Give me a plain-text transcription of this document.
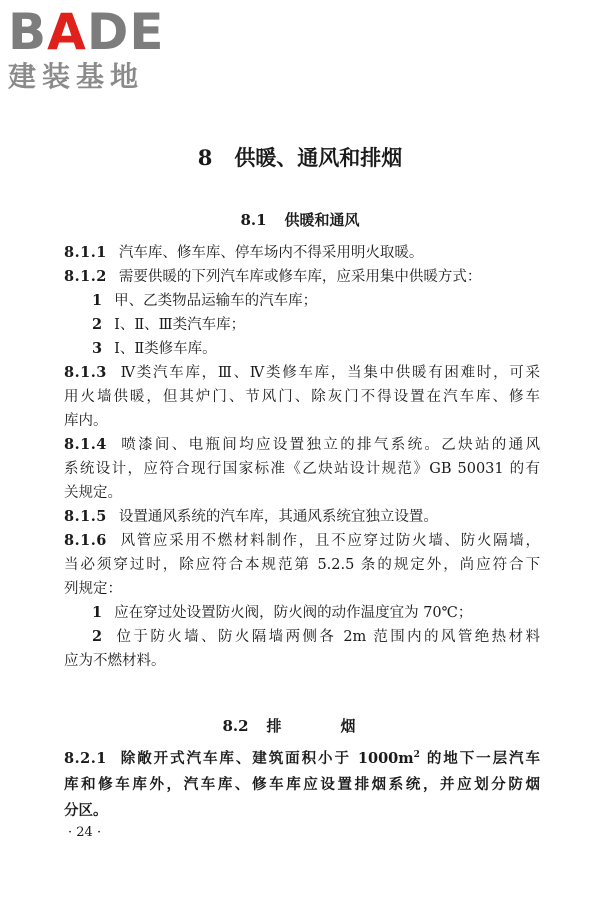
BADE
建装基地
8 供暖、通风和排烟
8.1 供暖和通风
8.1.1 汽车库、修车库、停车场内不得采用明火取暖。
8.1.2 需要供暖的下列汽车库或修车库，应采用集中供暖方式：
1 甲、乙类物品运输车的汽车库；
2 Ⅰ、Ⅱ、Ⅲ类汽车库；
3 Ⅰ、Ⅱ类修车库。
8.1.3 Ⅳ类汽车库，Ⅲ、Ⅳ类修车库，当集中供暖有困难时，可采
用火墙供暖，但其炉门、节风门、除灰门不得设置在汽车库、修车
库内。
8.1.4 喷漆间、电瓶间均应设置独立的排气系统。乙炔站的通风
系统设计，应符合现行国家标准《乙炔站设计规范》GB 50031 的有
关规定。
8.1.5 设置通风系统的汽车库，其通风系统宜独立设置。
8.1.6 风管应采用不燃材料制作，且不应穿过防火墙、防火隔墙，
当必须穿过时，除应符合本规范第 5.2.5 条的规定外，尚应符合下
列规定：
1 应在穿过处设置防火阀，防火阀的动作温度宜为 70℃；
2 位于防火墙、防火隔墙两侧各 2m 范围内的风管绝热材料
应为不燃材料。
8.2 排　烟
8.2.1 除敞开式汽车库、建筑面积小于 $1000m^2$ 的地下一层汽车
库和修车库外，汽车库、修车库应设置排烟系统，并应划分防烟
分区。
· 24 ·
